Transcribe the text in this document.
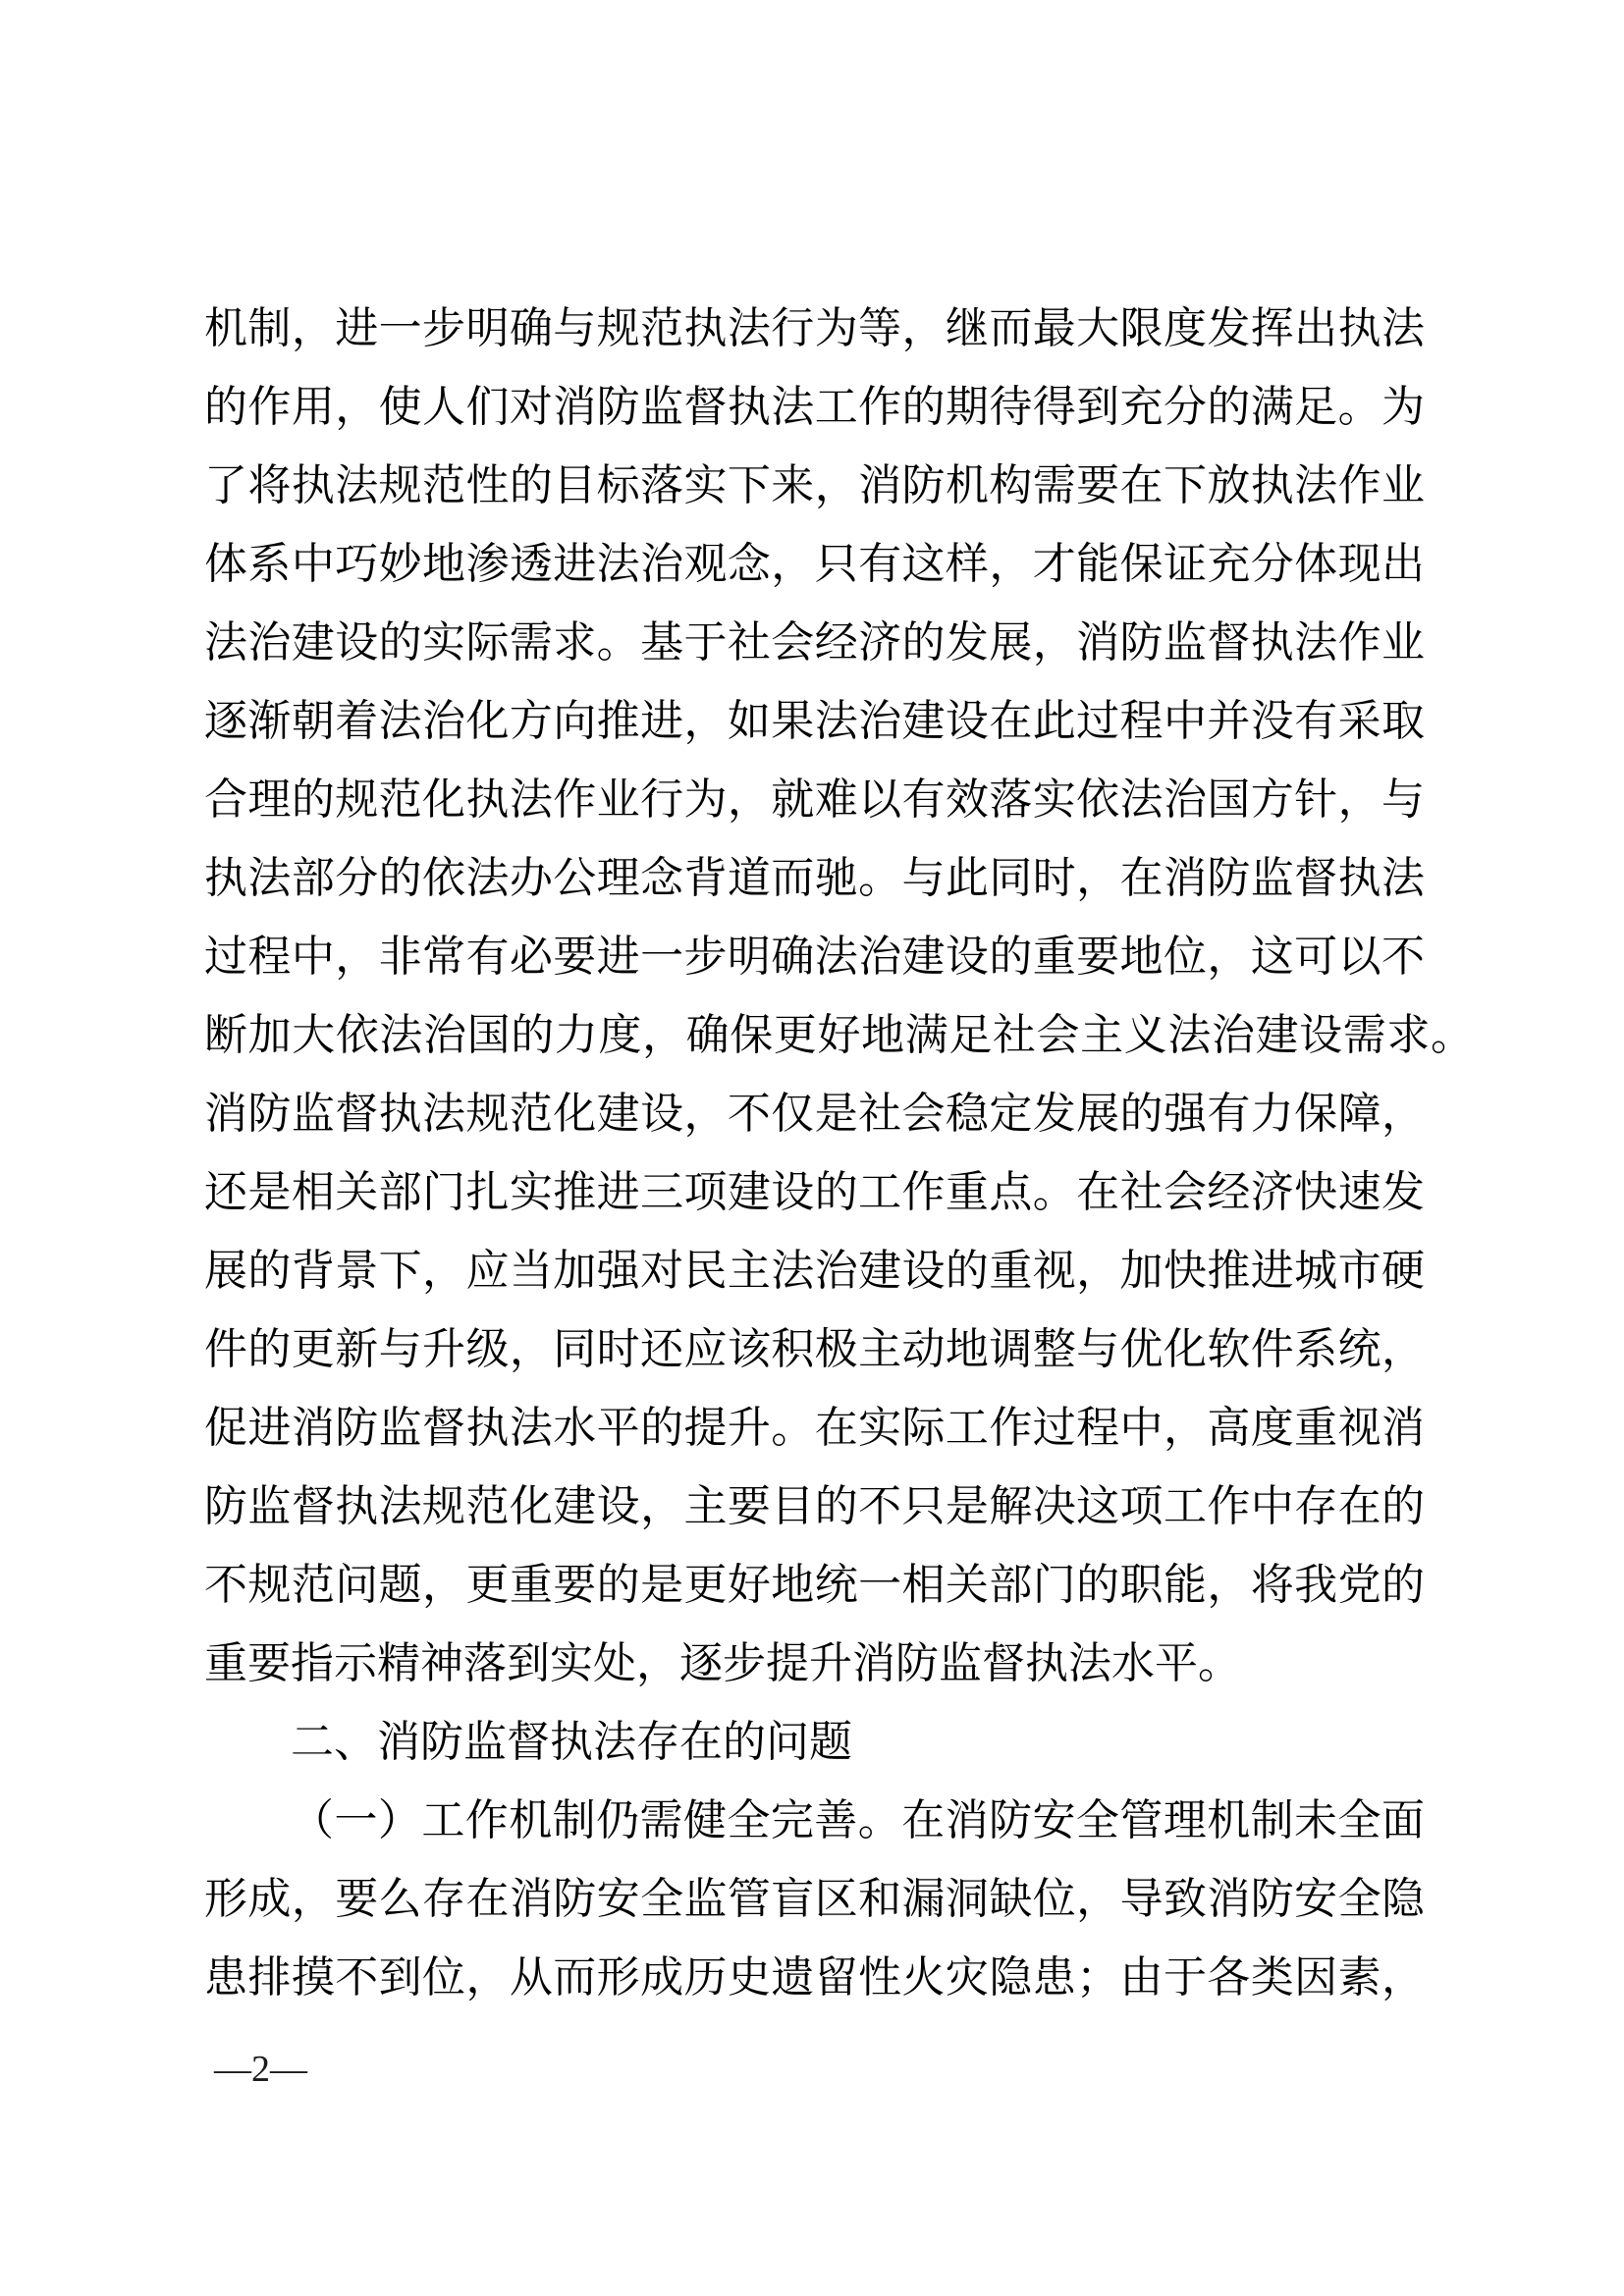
机制，进一步明确与规范执法行为等，继而最大限度发挥出执法
的作用，使人们对消防监督执法工作的期待得到充分的满足。为
了将执法规范性的目标落实下来，消防机构需要在下放执法作业
体系中巧妙地渗透进法治观念，只有这样，才能保证充分体现出
法治建设的实际需求。基于社会经济的发展，消防监督执法作业
逐渐朝着法治化方向推进，如果法治建设在此过程中并没有采取
合理的规范化执法作业行为，就难以有效落实依法治国方针，与
执法部分的依法办公理念背道而驰。与此同时，在消防监督执法
过程中，非常有必要进一步明确法治建设的重要地位，这可以不
断加大依法治国的力度，确保更好地满足社会主义法治建设需求。
消防监督执法规范化建设，不仅是社会稳定发展的强有力保障，
还是相关部门扎实推进三项建设的工作重点。在社会经济快速发
展的背景下，应当加强对民主法治建设的重视，加快推进城市硬
件的更新与升级，同时还应该积极主动地调整与优化软件系统，
促进消防监督执法水平的提升。在实际工作过程中，高度重视消
防监督执法规范化建设，主要目的不只是解决这项工作中存在的
不规范问题，更重要的是更好地统一相关部门的职能，将我党的
重要指示精神落到实处，逐步提升消防监督执法水平。
二、消防监督执法存在的问题
（一）工作机制仍需健全完善。在消防安全管理机制未全面
形成，要么存在消防安全监管盲区和漏洞缺位，导致消防安全隐
患排摸不到位，从而形成历史遗留性火灾隐患；由于各类因素，
—2—
